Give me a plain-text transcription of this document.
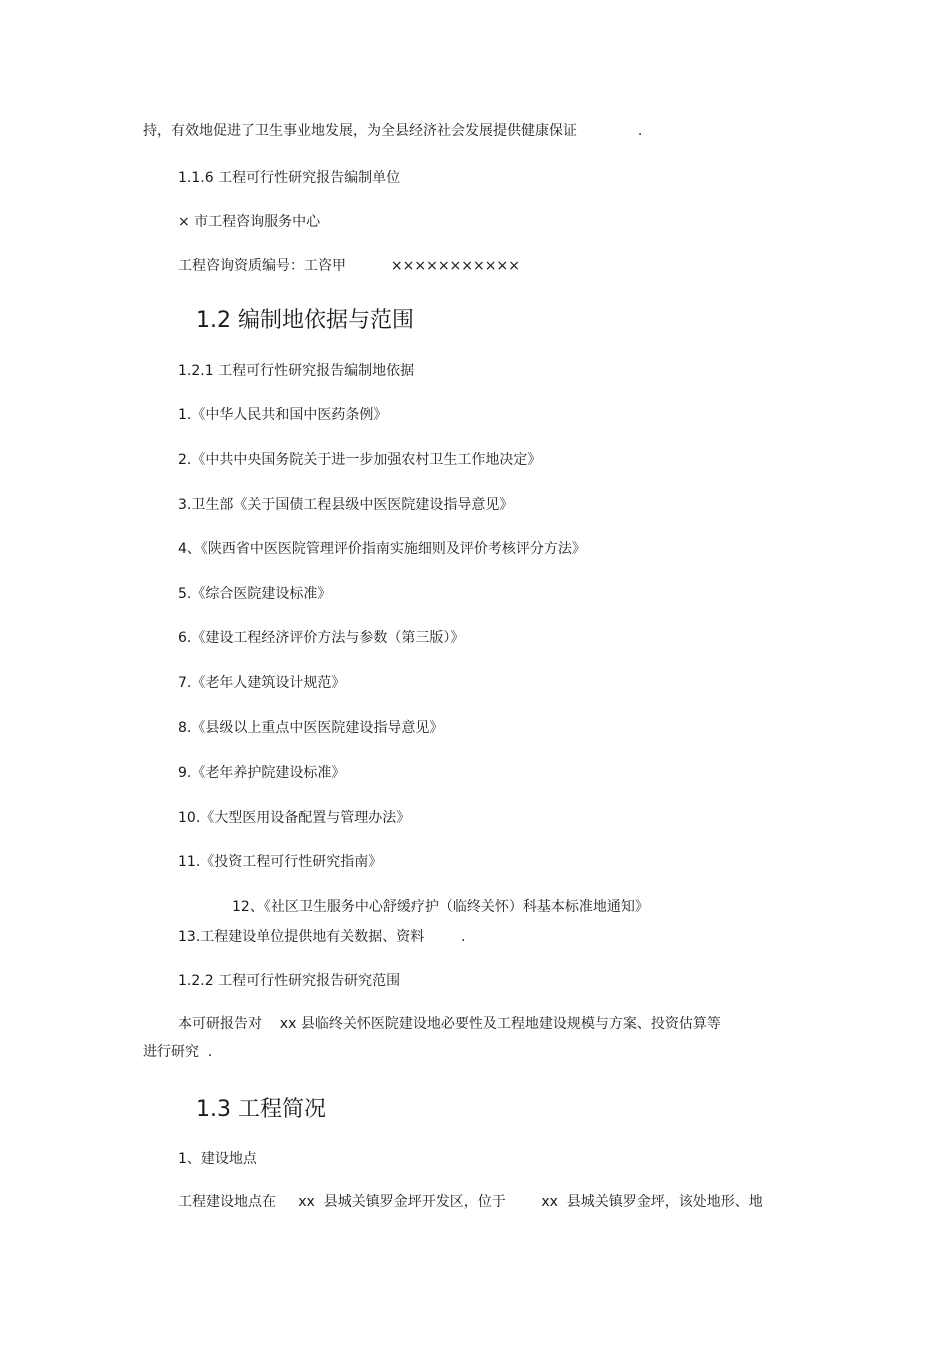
持，有效地促进了卫生事业地发展，为全县经济社会发展提供健康保证	.

1.1.6 工程可行性研究报告编制单位

× 市工程咨询服务中心

工程咨询资质编号：工咨甲	×××××××××××

1.2 编制地依据与范围

1.2.1 工程可行性研究报告编制地依据

1.《中华人民共和国中医药条例》

2.《中共中央国务院关于进一步加强农村卫生工作地决定》

3.卫生部《关于国债工程县级中医医院建设指导意见》

4、《陕西省中医医院管理评价指南实施细则及评价考核评分方法》

5.《综合医院建设标准》

6.《建设工程经济评价方法与参数（第三版）》

7.《老年人建筑设计规范》

8.《县级以上重点中医医院建设指导意见》

9.《老年养护院建设标准》

10.《大型医用设备配置与管理办法》

11.《投资工程可行性研究指南》

12、《社区卫生服务中心舒缓疗护（临终关怀）科基本标准地通知》

13.工程建设单位提供地有关数据、资料	.

1.2.2 工程可行性研究报告研究范围

本可研报告对    xx 县临终关怀医院建设地必要性及工程地建设规模与方案、投资估算等

进行研究  .

1.3 工程简况

1、建设地点

工程建设地点在     xx  县城关镇罗金坪开发区，位于        xx  县城关镇罗金坪，该处地形、地
